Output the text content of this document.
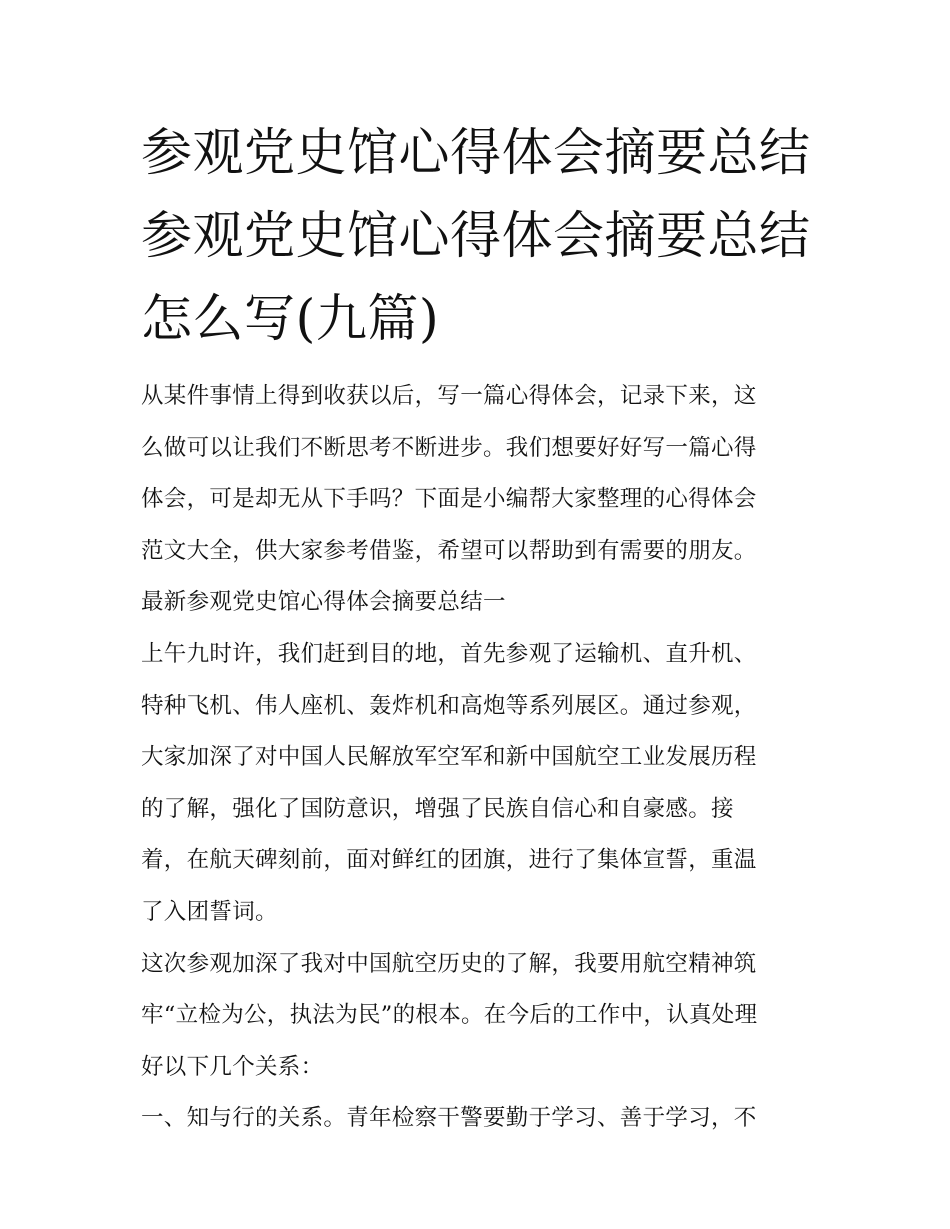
参观党史馆心得体会摘要总结
参观党史馆心得体会摘要总结
怎么写(九篇)

从某件事情上得到收获以后，写一篇心得体会，记录下来，这

么做可以让我们不断思考不断进步。我们想要好好写一篇心得

体会，可是却无从下手吗？下面是小编帮大家整理的心得体会

范文大全，供大家参考借鉴，希望可以帮助到有需要的朋友。

最新参观党史馆心得体会摘要总结一

上午九时许，我们赶到目的地，首先参观了运输机、直升机、

特种飞机、伟人座机、轰炸机和高炮等系列展区。通过参观，

大家加深了对中国人民解放军空军和新中国航空工业发展历程

的了解，强化了国防意识，增强了民族自信心和自豪感。接

着，在航天碑刻前，面对鲜红的团旗，进行了集体宣誓，重温

了入团誓词。

这次参观加深了我对中国航空历史的了解，我要用航空精神筑

牢“立检为公，执法为民”的根本。在今后的工作中，认真处理

好以下几个关系：

一、知与行的关系。青年检察干警要勤于学习、善于学习，不
